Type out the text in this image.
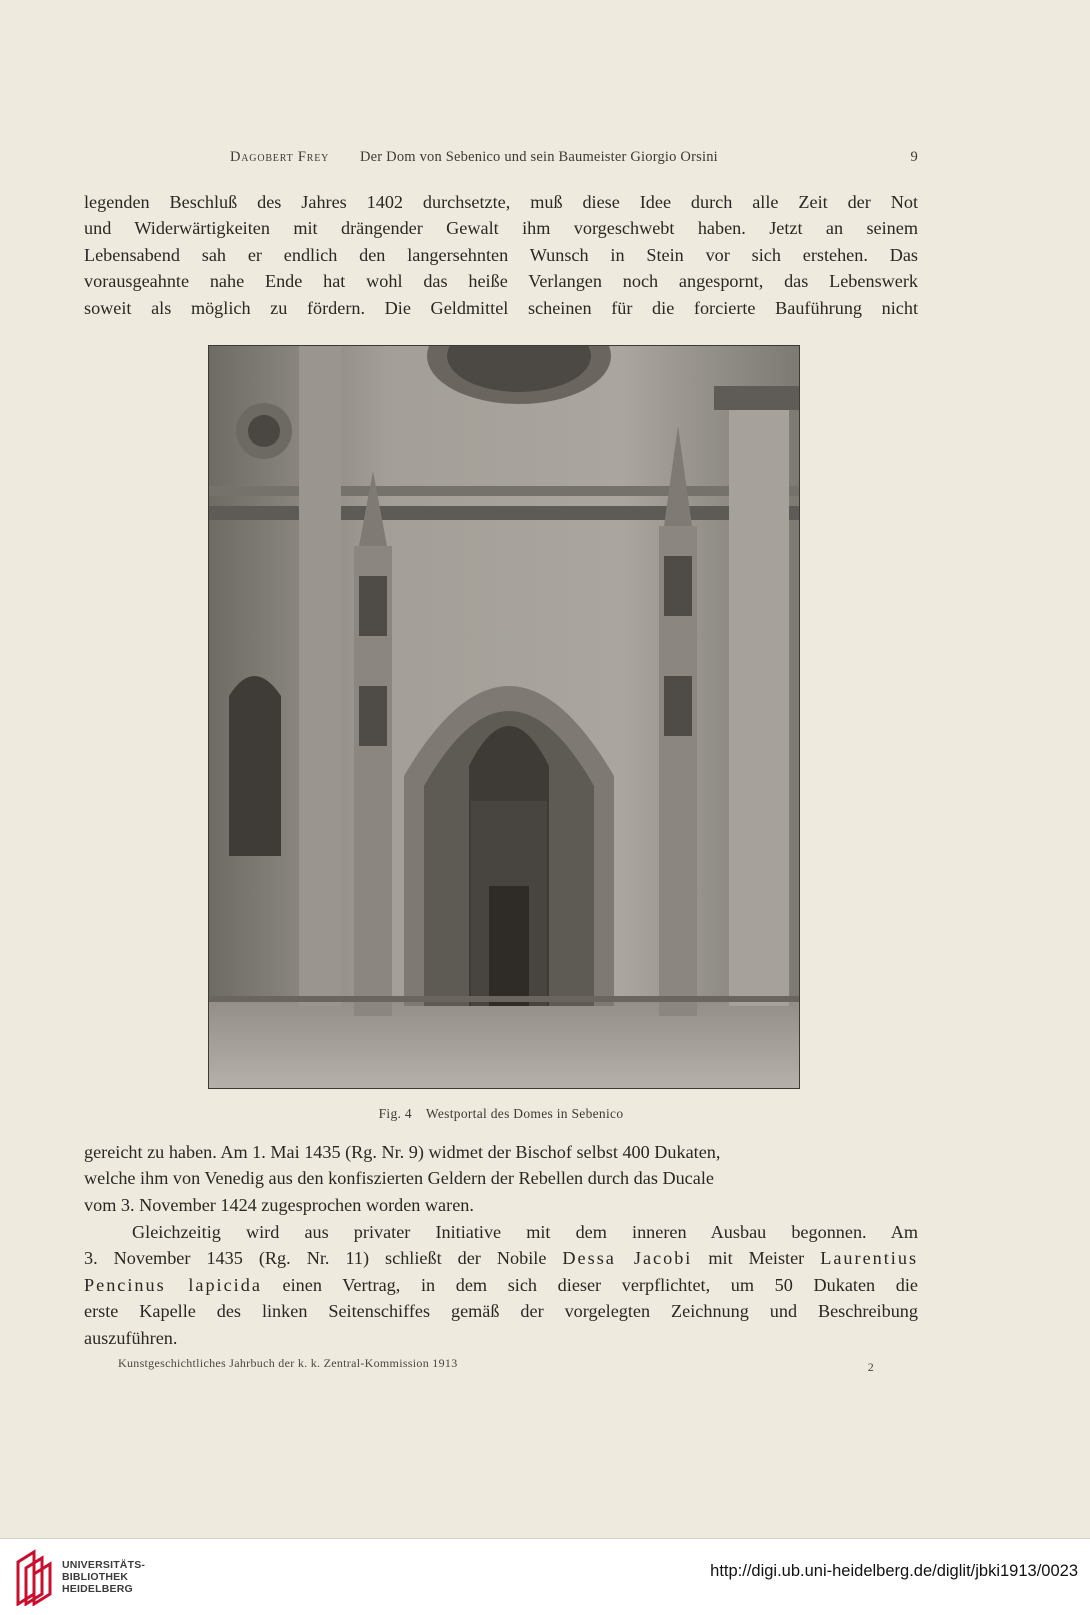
Dagobert Frey Der Dom von Sebenico und sein Baumeister Giorgio Orsini	9
legenden Beschluß des Jahres 1402 durchsetzte, muß diese Idee durch alle Zeit der Not
und Widerwärtigkeiten mit drängender Gewalt ihm vorgeschwebt haben. Jetzt an seinem
Lebensabend sah er endlich den langersehnten Wunsch in Stein vor sich erstehen. Das
vorausgeahnte nahe Ende hat wohl das heiße Verlangen noch angespornt, das Lebenswerk
soweit als möglich zu fördern. Die Geldmittel scheinen für die forcierte Bauführung nicht
Fig. 4 Westportal des Domes in Sebenico
gereicht zu haben. Am 1. Mai 1435 (Rg. Nr. 9) widmet der Bischof selbst 400 Dukaten,
welche ihm von Venedig aus den konfiszierten Geldern der Rebellen durch das Ducale
vom 3. November 1424 zugesprochen worden waren.
Gleichzeitig wird aus privater Initiative mit dem inneren Ausbau begonnen. Am
3. November 1435 (Rg. Nr. 11) schließt der Nobile Dessa Jacobi mit Meister Laurentius
Pencinus lapicida einen Vertrag, in dem sich dieser verpflichtet, um 50 Dukaten die
erste Kapelle des linken Seitenschiffes gemäß der vorgelegten Zeichnung und Beschreibung
auszuführen.
Kunstgeschichtliches Jahrbuch der k. k. Zentral-Kommission 1913	2
UNIVERSITÄTS-
BIBLIOTHEK
HEIDELBERG
http://digi.ub.uni-heidelberg.de/diglit/jbki1913/0023
